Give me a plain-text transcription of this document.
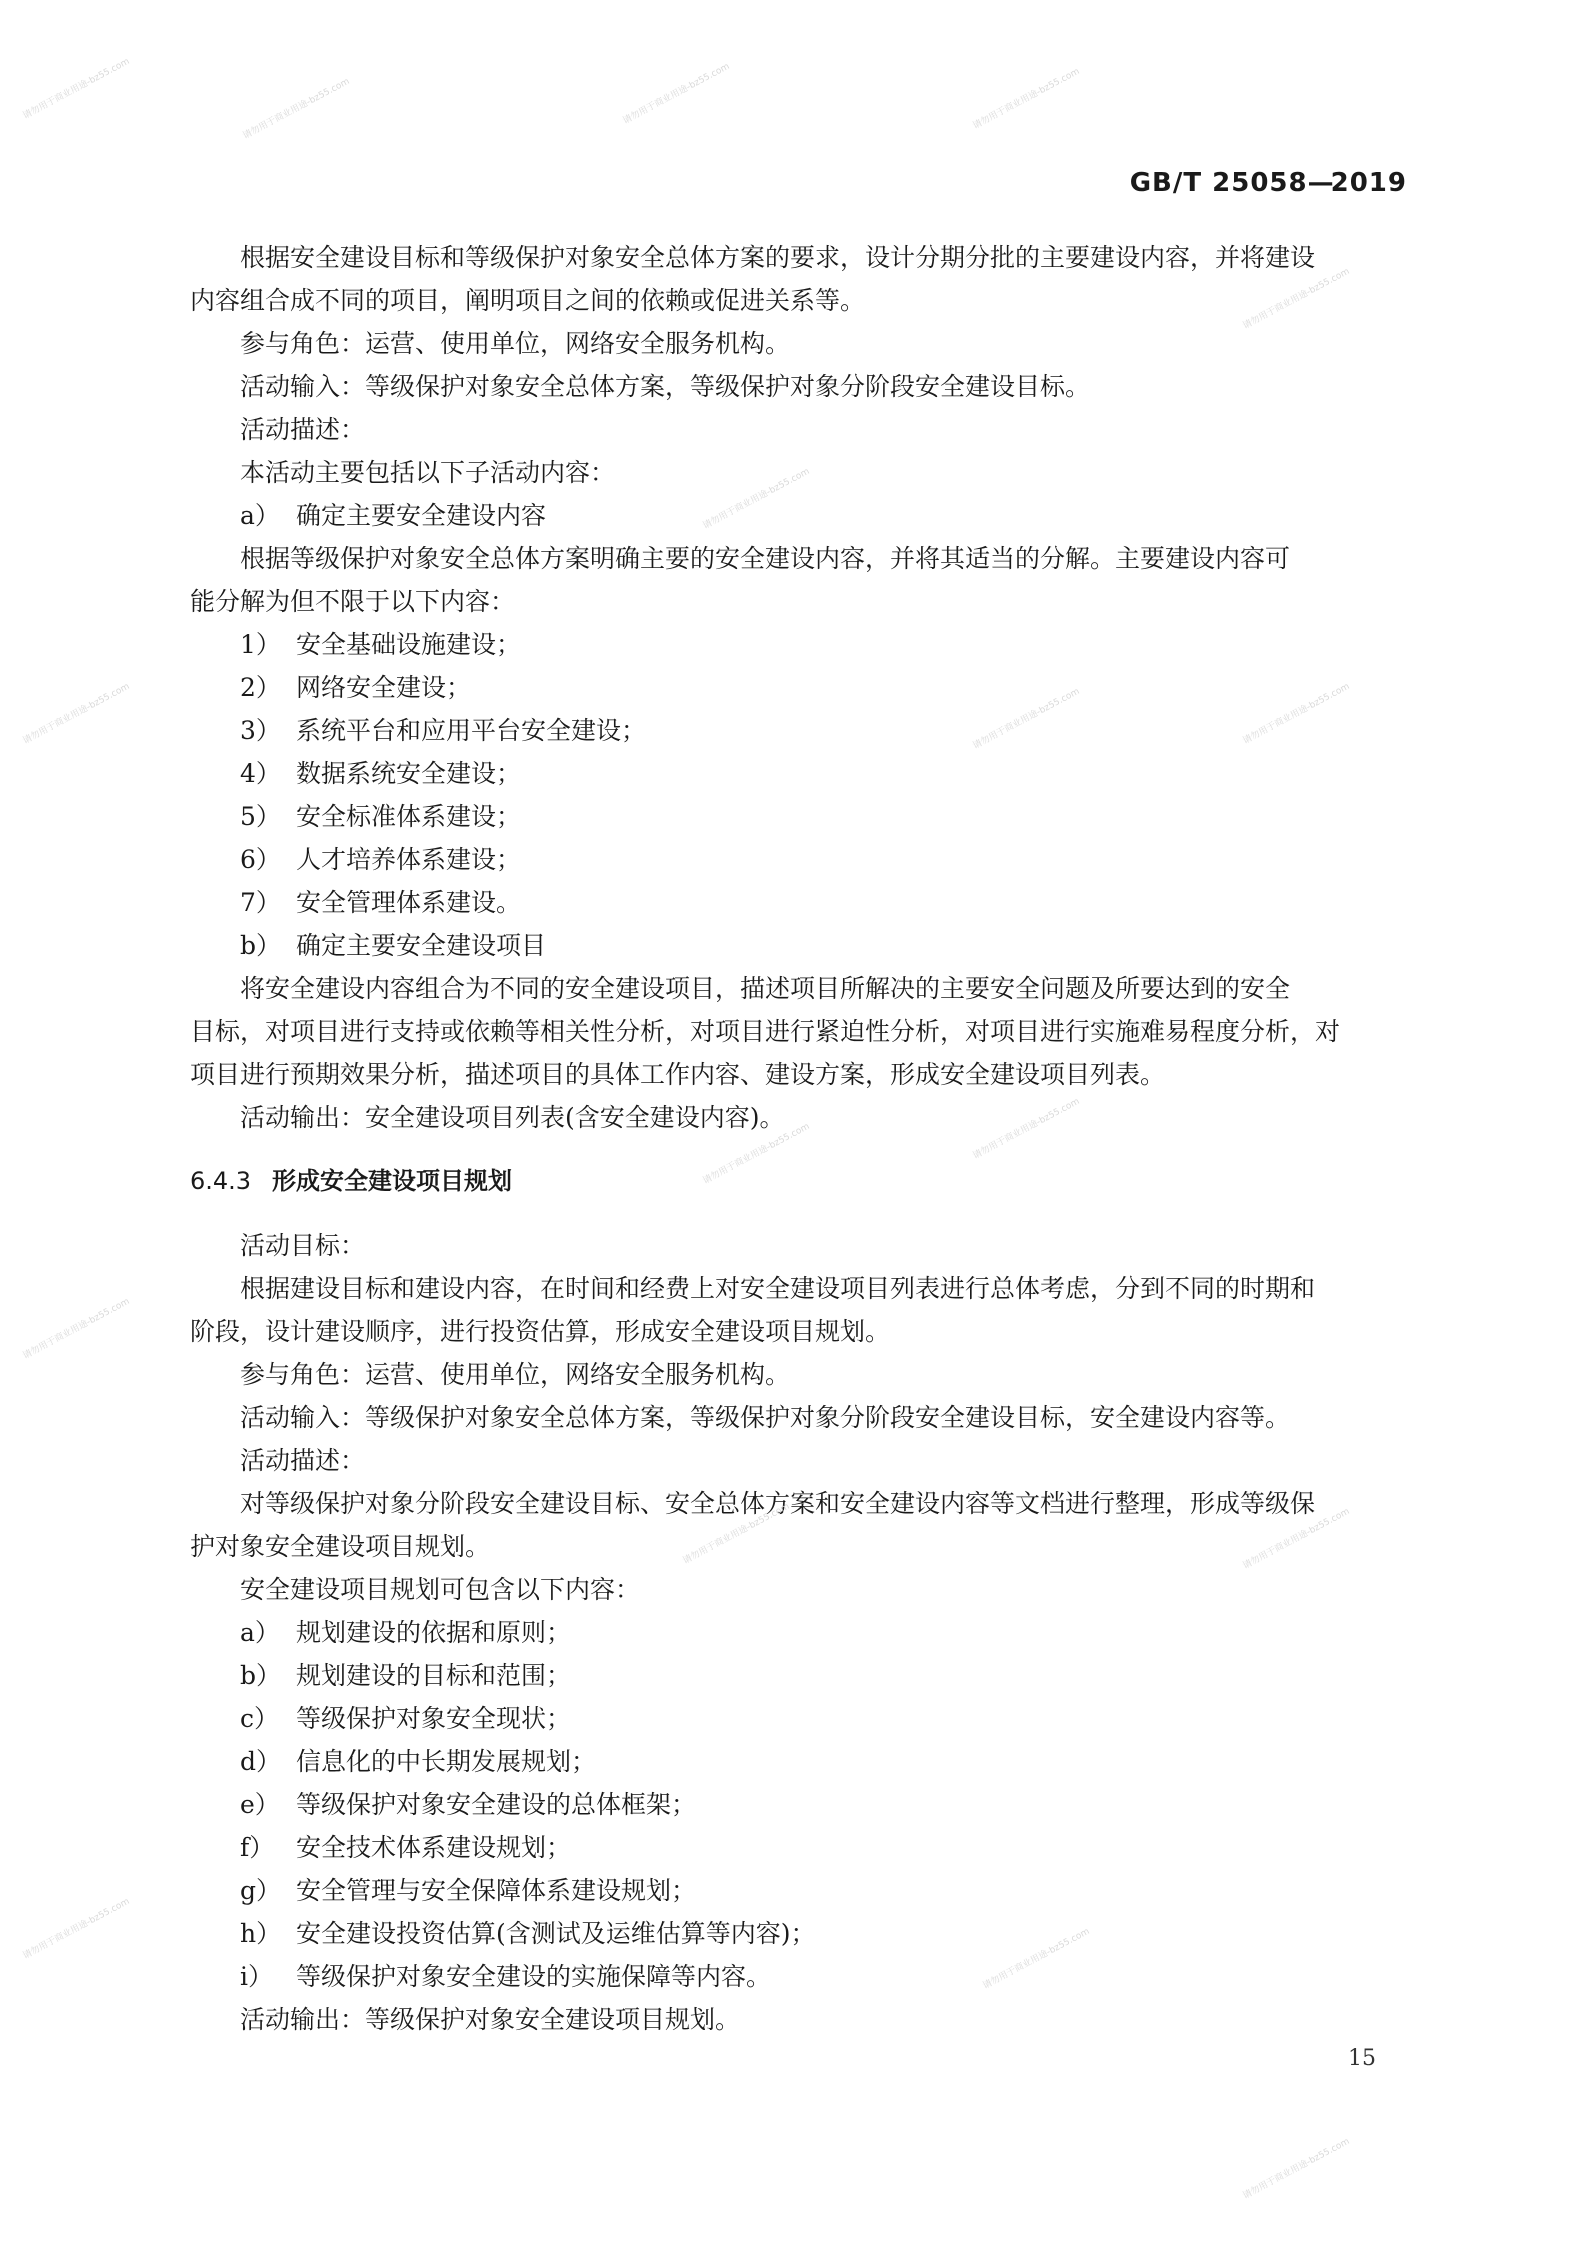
GB/T 25058—2019

根据安全建设目标和等级保护对象安全总体方案的要求，设计分期分批的主要建设内容，并将建设

内容组合成不同的项目，阐明项目之间的依赖或促进关系等。

参与角色：运营、使用单位，网络安全服务机构。

活动输入：等级保护对象安全总体方案，等级保护对象分阶段安全建设目标。

活动描述：

本活动主要包括以下子活动内容：

a） 确定主要安全建设内容

根据等级保护对象安全总体方案明确主要的安全建设内容，并将其适当的分解。主要建设内容可

能分解为但不限于以下内容：

1） 安全基础设施建设；

2） 网络安全建设；

3） 系统平台和应用平台安全建设；

4） 数据系统安全建设；

5） 安全标准体系建设；

6） 人才培养体系建设；

7） 安全管理体系建设。

b） 确定主要安全建设项目

将安全建设内容组合为不同的安全建设项目，描述项目所解决的主要安全问题及所要达到的安全

目标，对项目进行支持或依赖等相关性分析，对项目进行紧迫性分析，对项目进行实施难易程度分析，对

项目进行预期效果分析，描述项目的具体工作内容、建设方案，形成安全建设项目列表。

活动输出：安全建设项目列表(含安全建设内容)。

6.4.3 形成安全建设项目规划

活动目标：

根据建设目标和建设内容，在时间和经费上对安全建设项目列表进行总体考虑，分到不同的时期和

阶段，设计建设顺序，进行投资估算，形成安全建设项目规划。

参与角色：运营、使用单位，网络安全服务机构。

活动输入：等级保护对象安全总体方案，等级保护对象分阶段安全建设目标，安全建设内容等。

活动描述：

对等级保护对象分阶段安全建设目标、安全总体方案和安全建设内容等文档进行整理，形成等级保

护对象安全建设项目规划。

安全建设项目规划可包含以下内容：

a） 规划建设的依据和原则；

b） 规划建设的目标和范围；

c） 等级保护对象安全现状；

d） 信息化的中长期发展规划；

e） 等级保护对象安全建设的总体框架；

f） 安全技术体系建设规划；

g） 安全管理与安全保障体系建设规划；

h） 安全建设投资估算(含测试及运维估算等内容)；

i） 等级保护对象安全建设的实施保障等内容。

活动输出：等级保护对象安全建设项目规划。

15
请勿用于商业用途-bz55.com	请勿用于商业用途-bz55.com	请勿用于商业用途-bz55.com	请勿用于商业用途-bz55.com
请勿用于商业用途-bz55.com
请勿用于商业用途-bz55.com
请勿用于商业用途-bz55.com	请勿用于商业用途-bz55.com	请勿用于商业用途-bz55.com
请勿用于商业用途-bz55.com
请勿用于商业用途-bz55.com
请勿用于商业用途-bz55.com
请勿用于商业用途-bz55.com	请勿用于商业用途-bz55.com
请勿用于商业用途-bz55.com	请勿用于商业用途-bz55.com
请勿用于商业用途-bz55.com
